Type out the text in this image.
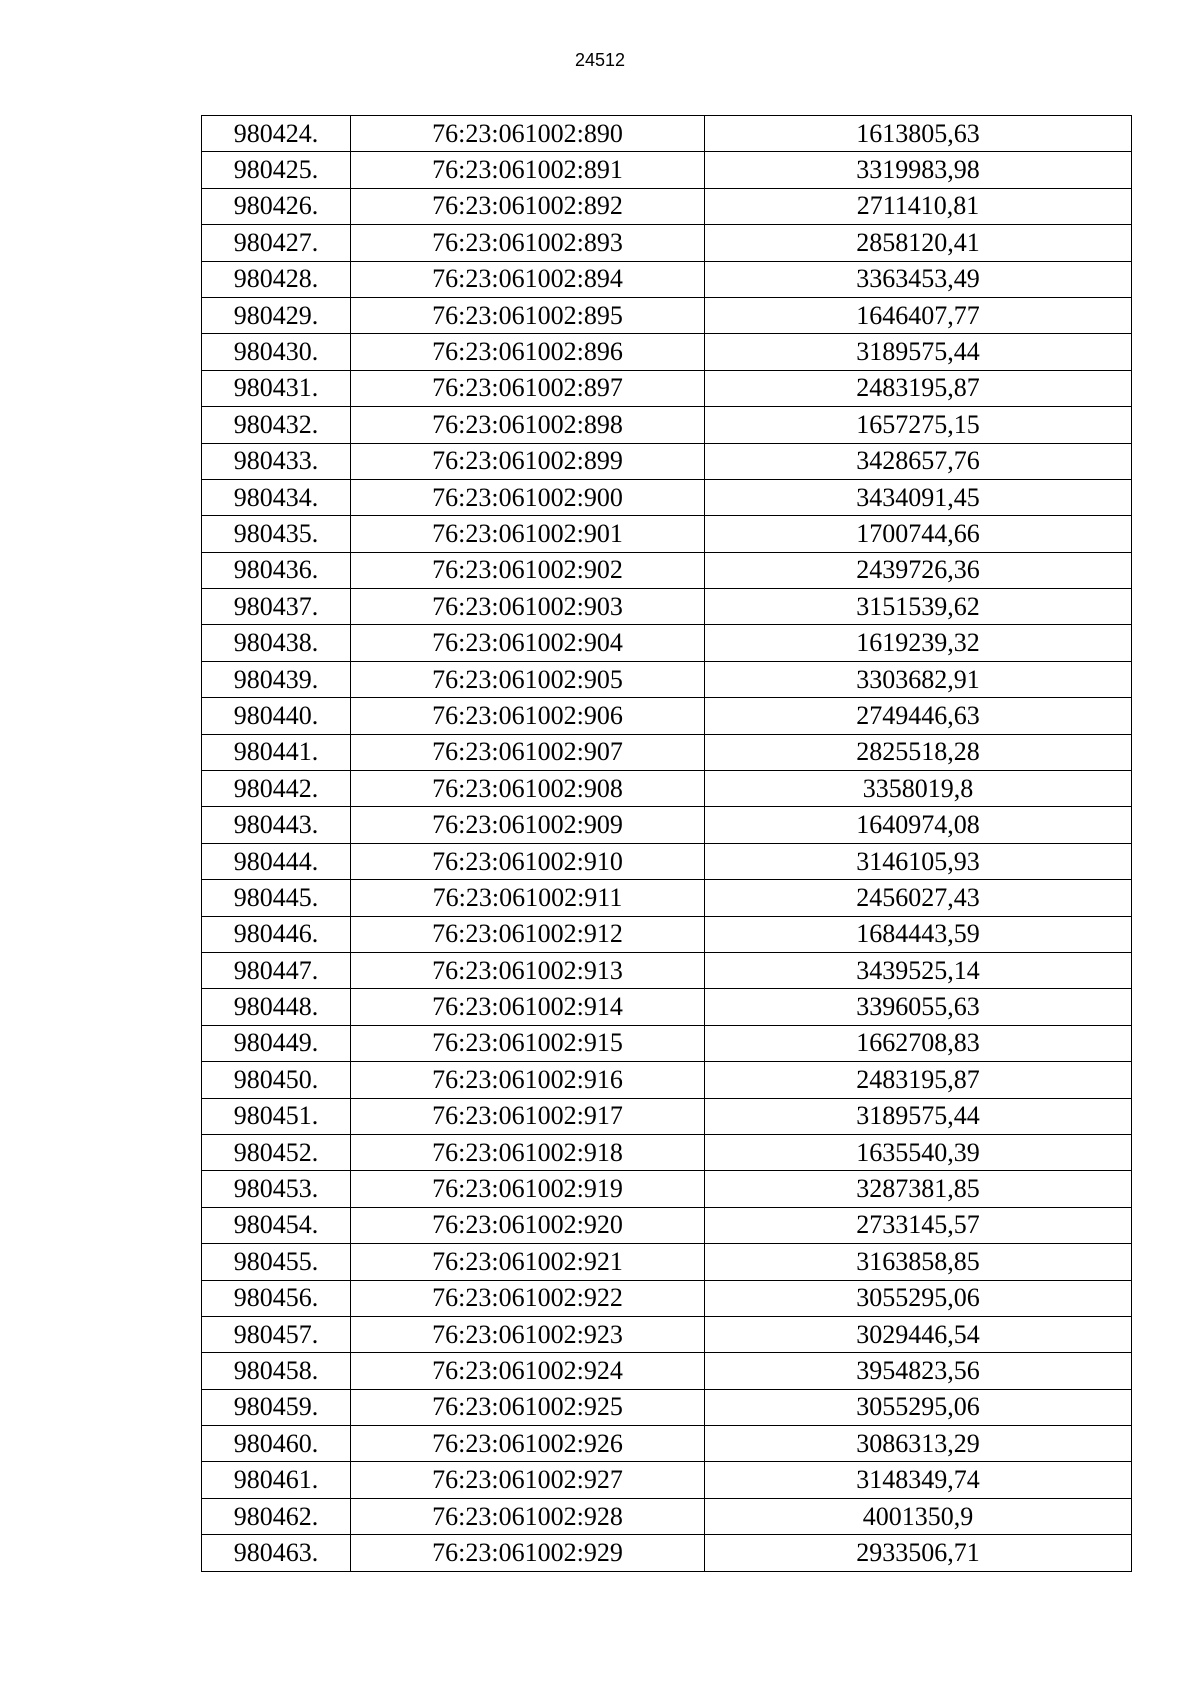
24512
980424.	76:23:061002:890	1613805,63
980425.	76:23:061002:891	3319983,98
980426.	76:23:061002:892	2711410,81
980427.	76:23:061002:893	2858120,41
980428.	76:23:061002:894	3363453,49
980429.	76:23:061002:895	1646407,77
980430.	76:23:061002:896	3189575,44
980431.	76:23:061002:897	2483195,87
980432.	76:23:061002:898	1657275,15
980433.	76:23:061002:899	3428657,76
980434.	76:23:061002:900	3434091,45
980435.	76:23:061002:901	1700744,66
980436.	76:23:061002:902	2439726,36
980437.	76:23:061002:903	3151539,62
980438.	76:23:061002:904	1619239,32
980439.	76:23:061002:905	3303682,91
980440.	76:23:061002:906	2749446,63
980441.	76:23:061002:907	2825518,28
980442.	76:23:061002:908	3358019,8
980443.	76:23:061002:909	1640974,08
980444.	76:23:061002:910	3146105,93
980445.	76:23:061002:911	2456027,43
980446.	76:23:061002:912	1684443,59
980447.	76:23:061002:913	3439525,14
980448.	76:23:061002:914	3396055,63
980449.	76:23:061002:915	1662708,83
980450.	76:23:061002:916	2483195,87
980451.	76:23:061002:917	3189575,44
980452.	76:23:061002:918	1635540,39
980453.	76:23:061002:919	3287381,85
980454.	76:23:061002:920	2733145,57
980455.	76:23:061002:921	3163858,85
980456.	76:23:061002:922	3055295,06
980457.	76:23:061002:923	3029446,54
980458.	76:23:061002:924	3954823,56
980459.	76:23:061002:925	3055295,06
980460.	76:23:061002:926	3086313,29
980461.	76:23:061002:927	3148349,74
980462.	76:23:061002:928	4001350,9
980463.	76:23:061002:929	2933506,71
